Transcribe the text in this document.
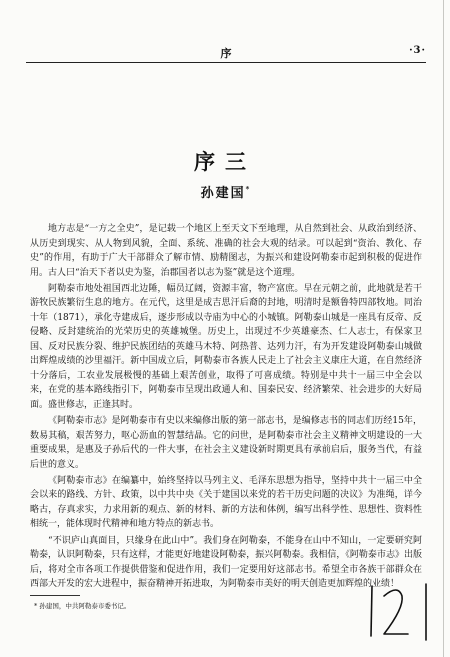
序	·3·
序三
孙建国*

地方志是“一方之全史”，是记载一个地区上至天文下至地理，从自然到社会、从政治到经济、从历史到现实、从人物到风貌，全面、系统、准确的社会大观的结录。可以起到“资治、教化、存史”的作用，有助于广大干部群众了解市情、励精图志，为振兴和建设阿勒泰市起到积极的促进作用。古人曰“治天下者以史为鉴，治郡国者以志为鉴”就是这个道理。

阿勒泰市地处祖国西北边陲，幅员辽阔，资源丰富，物产富庶。早在元朝之前，此地就是若干游牧民族繁衍生息的地方。在元代，这里是成吉思汗后裔的封地，明清时是额鲁特四部牧地。同治十年（1871），承化寺建成后，逐步形成以寺庙为中心的小城镇。阿勒泰山城是一座具有反帝、反侵略、反封建统治的光荣历史的英雄城堡。历史上，出现过不少英雄豪杰、仁人志士，有保家卫国、反对民族分裂、维护民族团结的英雄马木特、阿热普、达列力汗，有为开发建设阿勒泰山城做出辉煌成绩的沙里福汗。新中国成立后，阿勒泰市各族人民走上了社会主义康庄大道，在自然经济十分落后，工农业发展极慢的基础上艰苦创业，取得了可喜成绩。特别是中共十一届三中全会以来，在党的基本路线指引下，阿勒泰市呈现出政通人和、国泰民安、经济繁荣、社会进步的大好局面。盛世修志，正逢其时。

《阿勒泰市志》是阿勒泰市有史以来编修出版的第一部志书，是编修志书的同志们历经15年，数易其稿，艰苦努力，呕心沥血的智慧结晶。它的问世，是阿勒泰市社会主义精神文明建设的一大重要成果，是惠及子孙后代的一件大事，在社会主义建设新时期更具有承前启后，服务当代，有益后世的意义。

《阿勒泰市志》在编纂中，始终坚持以马列主义、毛泽东思想为指导，坚持中共十一届三中全会以来的路线、方针、政策，以中共中央《关于建国以来党的若干历史问题的决议》为准绳，详今略古，存真求实，力求用新的观点、新的材料、新的方法和体例，编写出科学性、思想性、资料性相统一，能体现时代精神和地方特点的新志书。

“不识庐山真面目，只缘身在此山中”。我们身在阿勒泰，不能身在山中不知山，一定要研究阿勒泰，认识阿勒泰，只有这样，才能更好地建设阿勒泰，振兴阿勒泰。我相信，《阿勒泰市志》出版后，将对全市各项工作提供借鉴和促进作用，我们一定要用好这部志书。希望全市各族干部群众在西部大开发的宏大进程中，振奋精神开拓进取，为阿勒泰市美好的明天创造更加辉煌的业绩！

* 孙建国，中共阿勒泰市委书记。
